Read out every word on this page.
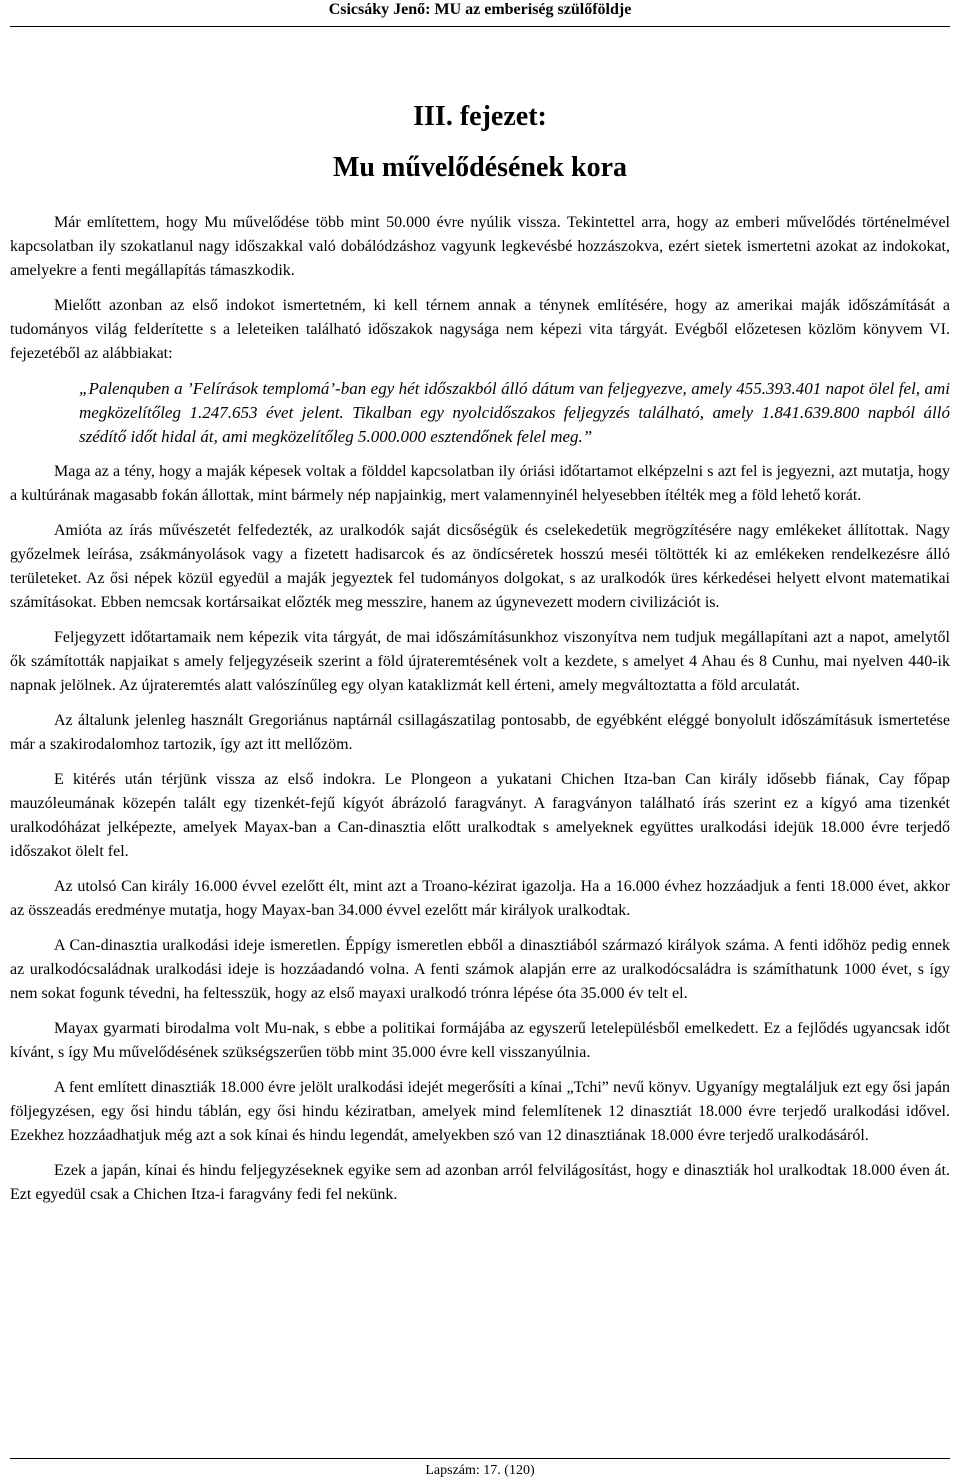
Csicsáky Jenő: MU az emberiség szülőföldje
III. fejezet:
Mu művelődésének kora

Már említettem, hogy Mu művelődése több mint 50.000 évre nyúlik vissza. Tekintettel arra, hogy az emberi művelődés történelmével kapcsolatban ily szokatlanul nagy időszakkal való dobálódzáshoz vagyunk legkevésbé hozzászokva, ezért sietek ismertetni azokat az indokokat, amelyekre a fenti megállapítás támaszkodik.

Mielőtt azonban az első indokot ismertetném, ki kell térnem annak a ténynek említésére, hogy az amerikai maják időszámítását a tudományos világ felderítette s a leleteiken található időszakok nagysága nem képezi vita tárgyát. Evégből előzetesen közlöm könyvem VI. fejezetéből az alábbiakat:

„Palenquben a ’Felírások templomá’-ban egy hét időszakból álló dátum van feljegyezve, amely 455.393.401 napot ölel fel, ami megközelítőleg 1.247.653 évet jelent. Tikalban egy nyolcidőszakos feljegyzés található, amely 1.841.639.800 napból álló szédítő időt hidal át, ami megközelítőleg 5.000.000 esztendőnek felel meg.”

Maga az a tény, hogy a maják képesek voltak a földdel kapcsolatban ily óriási időtartamot elképzelni s azt fel is jegyezni, azt mutatja, hogy a kultúrának magasabb fokán állottak, mint bármely nép napjainkig, mert valamennyinél helyesebben ítélték meg a föld lehető korát.

Amióta az írás művészetét felfedezték, az uralkodók saját dicsőségük és cselekedetük megrögzítésére nagy emlékeket állítottak. Nagy győzelmek leírása, zsákmányolások vagy a fizetett hadisarcok és az öndícséretek hosszú meséi töltötték ki az emlékeken rendelkezésre álló területeket. Az ősi népek közül egyedül a maják jegyeztek fel tudományos dolgokat, s az uralkodók üres kérkedései helyett elvont matematikai számításokat. Ebben nemcsak kortársaikat előzték meg messzire, hanem az úgynevezett modern civilizációt is.

Feljegyzett időtartamaik nem képezik vita tárgyát, de mai időszámításunkhoz viszonyítva nem tudjuk megállapítani azt a napot, amelytől ők számították napjaikat s amely feljegyzéseik szerint a föld újrateremtésének volt a kezdete, s amelyet 4 Ahau és 8 Cunhu, mai nyelven 440-ik napnak jelölnek. Az újrateremtés alatt valószínűleg egy olyan kataklizmát kell érteni, amely megváltoztatta a föld arculatát.

Az általunk jelenleg használt Gregoriánus naptárnál csillagászatilag pontosabb, de egyébként eléggé bonyolult időszámításuk ismertetése már a szakirodalomhoz tartozik, így azt itt mellőzöm.

E kitérés után térjünk vissza az első indokra. Le Plongeon a yukatani Chichen Itza-ban Can király idősebb fiának, Cay főpap mauzóleumának közepén talált egy tizenkét-fejű kígyót ábrázoló faragványt. A faragványon található írás szerint ez a kígyó ama tizenkét uralkodóházat jelképezte, amelyek Mayax-ban a Can-dinasztia előtt uralkodtak s amelyeknek együttes uralkodási idejük 18.000 évre terjedő időszakot ölelt fel.

Az utolsó Can király 16.000 évvel ezelőtt élt, mint azt a Troano-kézirat igazolja. Ha a 16.000 évhez hozzáadjuk a fenti 18.000 évet, akkor az összeadás eredménye mutatja, hogy Mayax-ban 34.000 évvel ezelőtt már királyok uralkodtak.

A Can-dinasztia uralkodási ideje ismeretlen. Éppígy ismeretlen ebből a dinasztiából származó királyok száma. A fenti időhöz pedig ennek az uralkodócsaládnak uralkodási ideje is hozzáadandó volna. A fenti számok alapján erre az uralkodócsaládra is számíthatunk 1000 évet, s így nem sokat fogunk tévedni, ha feltesszük, hogy az első mayaxi uralkodó trónra lépése óta 35.000 év telt el.

Mayax gyarmati birodalma volt Mu-nak, s ebbe a politikai formájába az egyszerű letelepülésből emelkedett. Ez a fejlődés ugyancsak időt kívánt, s így Mu művelődésének szükségszerűen több mint 35.000 évre kell visszanyúlnia.

A fent említett dinasztiák 18.000 évre jelölt uralkodási idejét megerősíti a kínai „Tchi” nevű könyv. Ugyanígy megtaláljuk ezt egy ősi japán följegyzésen, egy ősi hindu táblán, egy ősi hindu kéziratban, amelyek mind felemlítenek 12 dinasztiát 18.000 évre terjedő uralkodási idővel. Ezekhez hozzáadhatjuk még azt a sok kínai és hindu legendát, amelyekben szó van 12 dinasztiának 18.000 évre terjedő uralkodásáról.

Ezek a japán, kínai és hindu feljegyzéseknek egyike sem ad azonban arról felvilágosítást, hogy e dinasztiák hol uralkodtak 18.000 éven át. Ezt egyedül csak a Chichen Itza-i faragvány fedi fel nekünk.

Lapszám: 17. (120)
